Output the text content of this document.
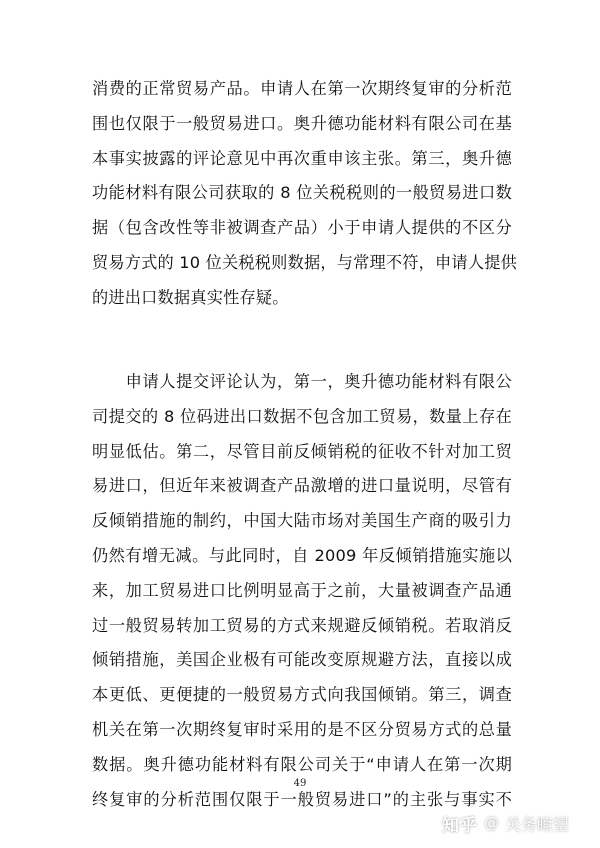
消费的正常贸易产品。申请人在第一次期终复审的分析范
围也仅限于一般贸易进口。奥升德功能材料有限公司在基
本事实披露的评论意见中再次重申该主张。第三，奥升德
功能材料有限公司获取的 8 位关税税则的一般贸易进口数
据（包含改性等非被调查产品）小于申请人提供的不区分
贸易方式的 10 位关税税则数据，与常理不符，申请人提供
的进出口数据真实性存疑。
　　申请人提交评论认为，第一，奥升德功能材料有限公
司提交的 8 位码进出口数据不包含加工贸易，数量上存在
明显低估。第二，尽管目前反倾销税的征收不针对加工贸
易进口，但近年来被调查产品激增的进口量说明，尽管有
反倾销措施的制约，中国大陆市场对美国生产商的吸引力
仍然有增无减。与此同时，自 2009 年反倾销措施实施以
来，加工贸易进口比例明显高于之前，大量被调查产品通
过一般贸易转加工贸易的方式来规避反倾销税。若取消反
倾销措施，美国企业极有可能改变原规避方法，直接以成
本更低、更便捷的一般贸易方式向我国倾销。第三，调查
机关在第一次期终复审时采用的是不区分贸易方式的总量
数据。奥升德功能材料有限公司关于“申请人在第一次期
终复审的分析范围仅限于一般贸易进口”的主张与事实不
49
知乎 @ 关务瞭望
